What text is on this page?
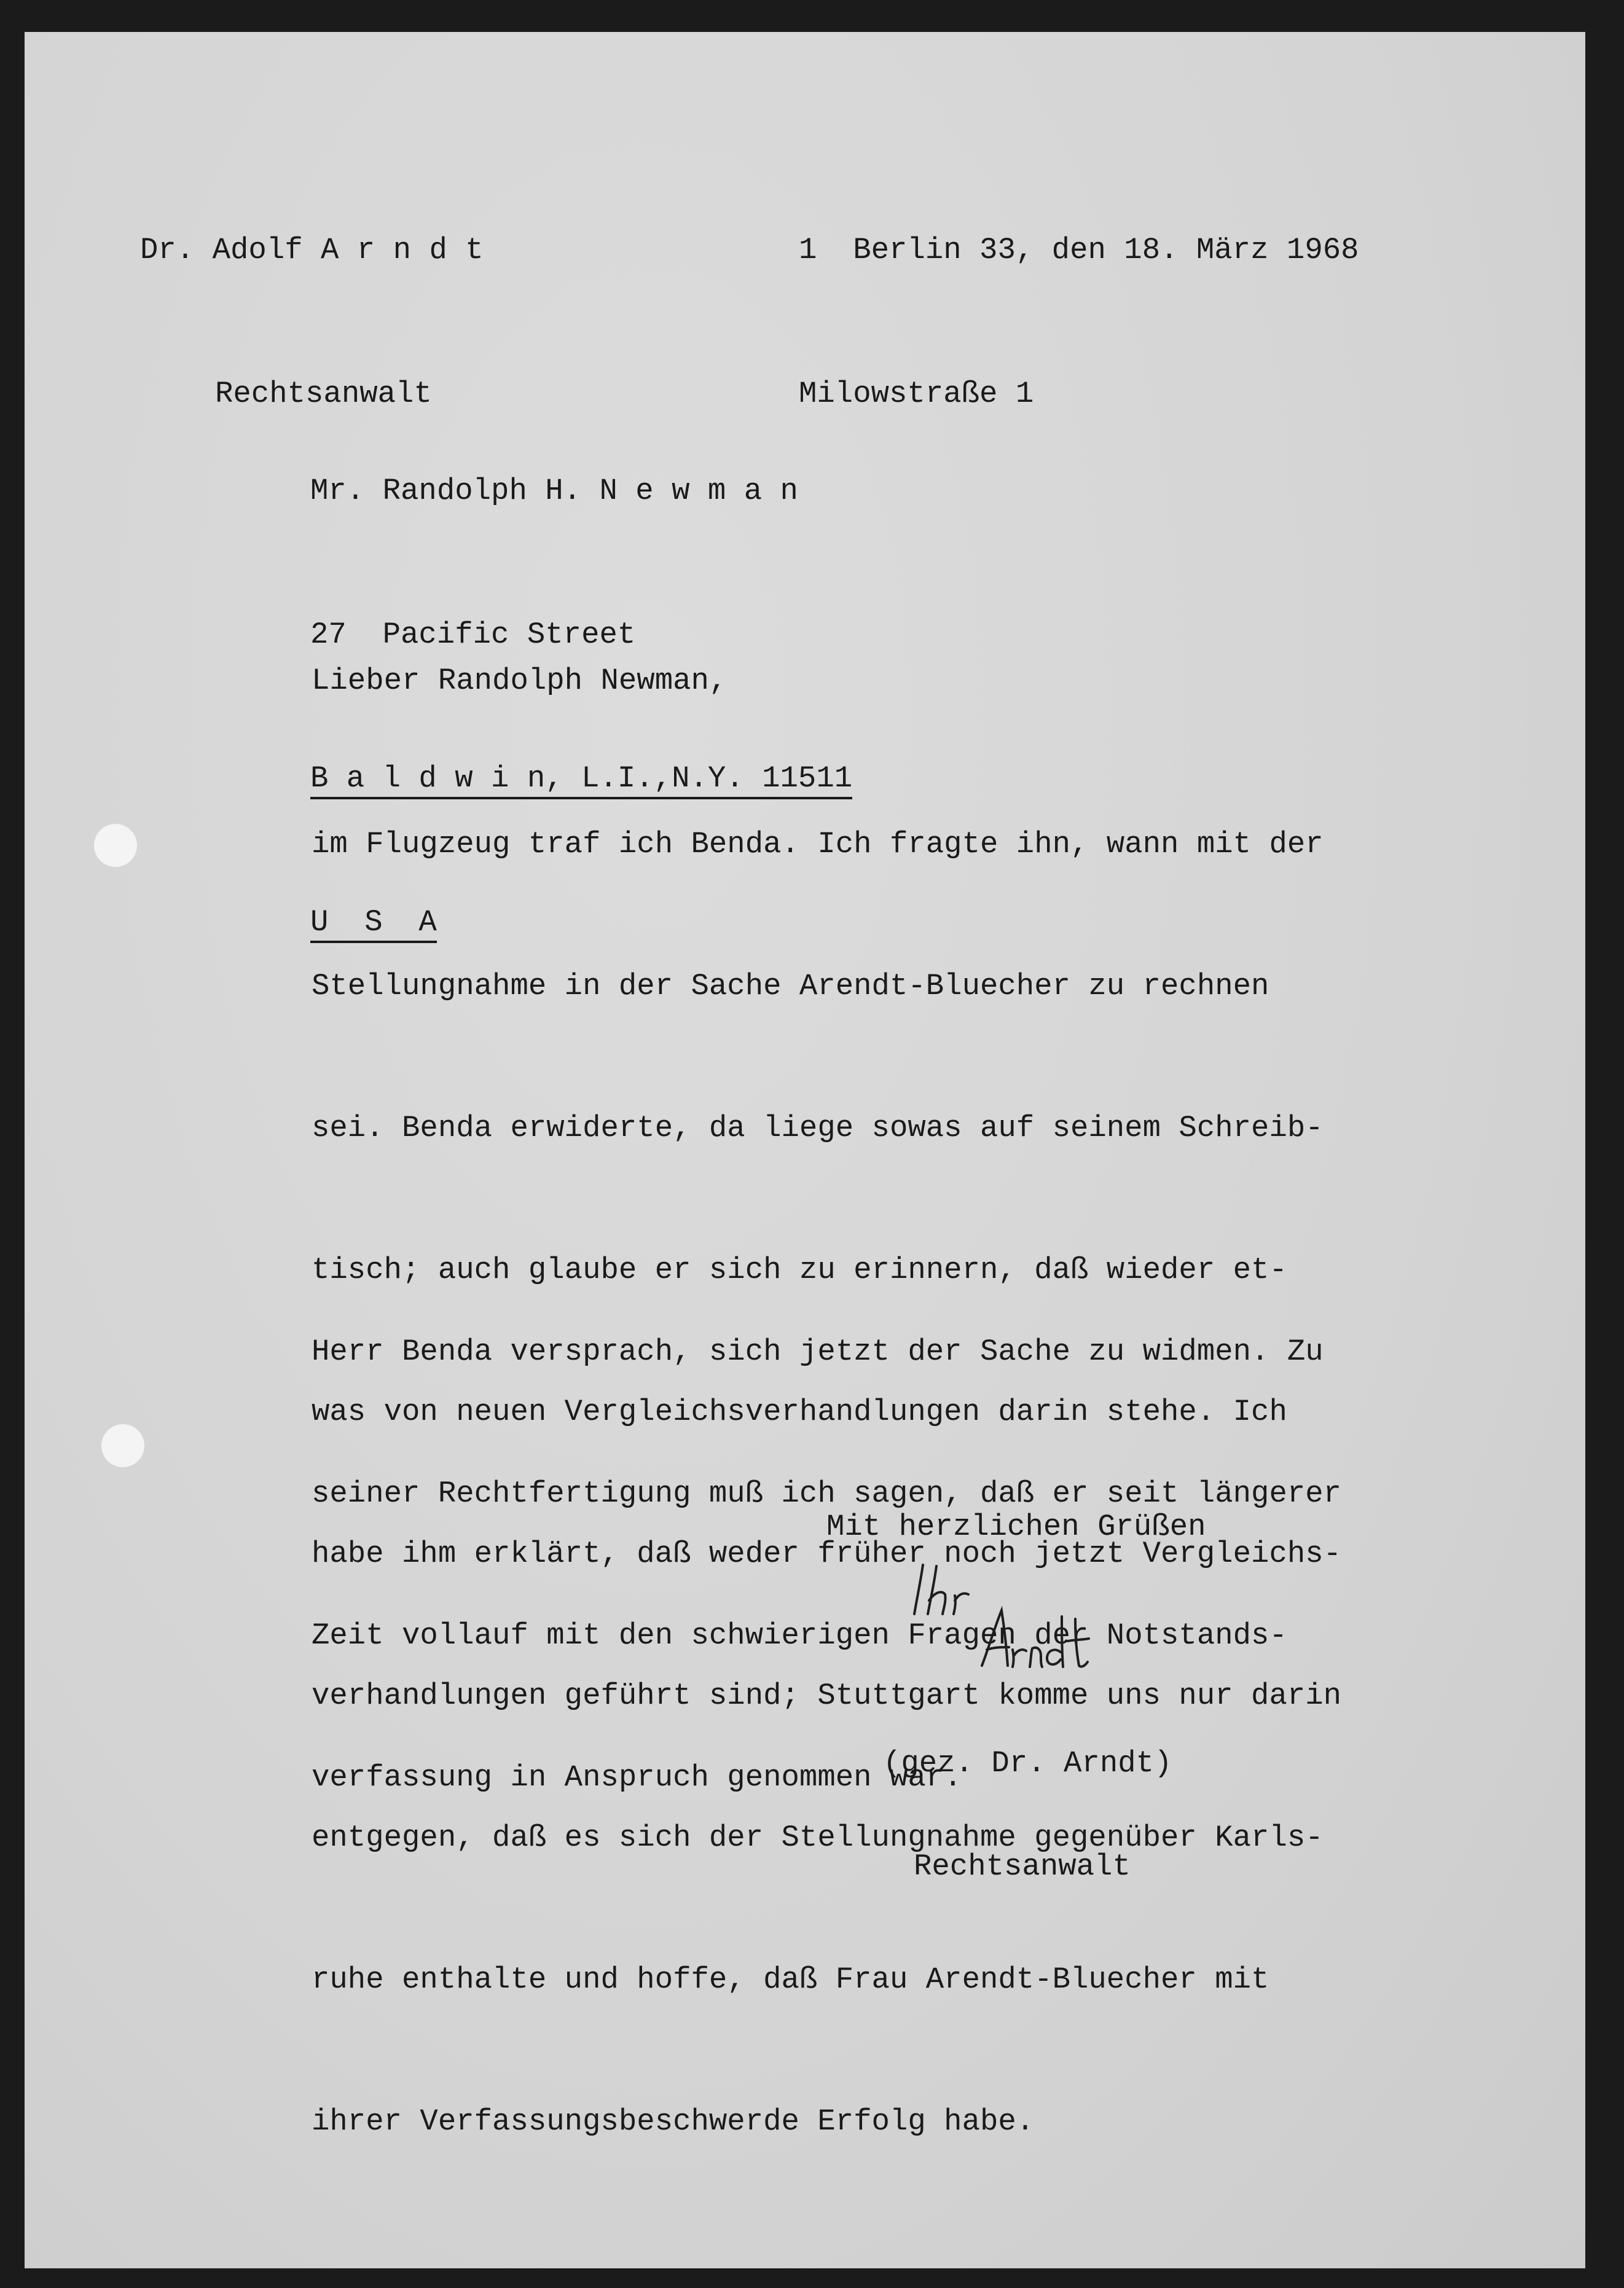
Dr. Adolf A r n d t

Rechtsanwalt

1  Berlin 33, den 18. März 1968

Milowstraße 1

Mr. Randolph H. N e w m a n

27  Pacific Street

B a l d w i n, L.I.,N.Y. 11511

U  S  A

Lieber Randolph Newman,

im Flugzeug traf ich Benda. Ich fragte ihn, wann mit der

Stellungnahme in der Sache Arendt-Bluecher zu rechnen

sei. Benda erwiderte, da liege sowas auf seinem Schreib-

tisch; auch glaube er sich zu erinnern, daß wieder et-

was von neuen Vergleichsverhandlungen darin stehe. Ich

habe ihm erklärt, daß weder früher noch jetzt Vergleichs-

verhandlungen geführt sind; Stuttgart komme uns nur darin

entgegen, daß es sich der Stellungnahme gegenüber Karls-

ruhe enthalte und hoffe, daß Frau Arendt-Bluecher mit

ihrer Verfassungsbeschwerde Erfolg habe.

Herr Benda versprach, sich jetzt der Sache zu widmen. Zu

seiner Rechtfertigung muß ich sagen, daß er seit längerer

Zeit vollauf mit den schwierigen Fragen der Notstands-

verfassung in Anspruch genommen war.

Mit herzlichen Grüßen

(gez. Dr. Arndt)

Rechtsanwalt
